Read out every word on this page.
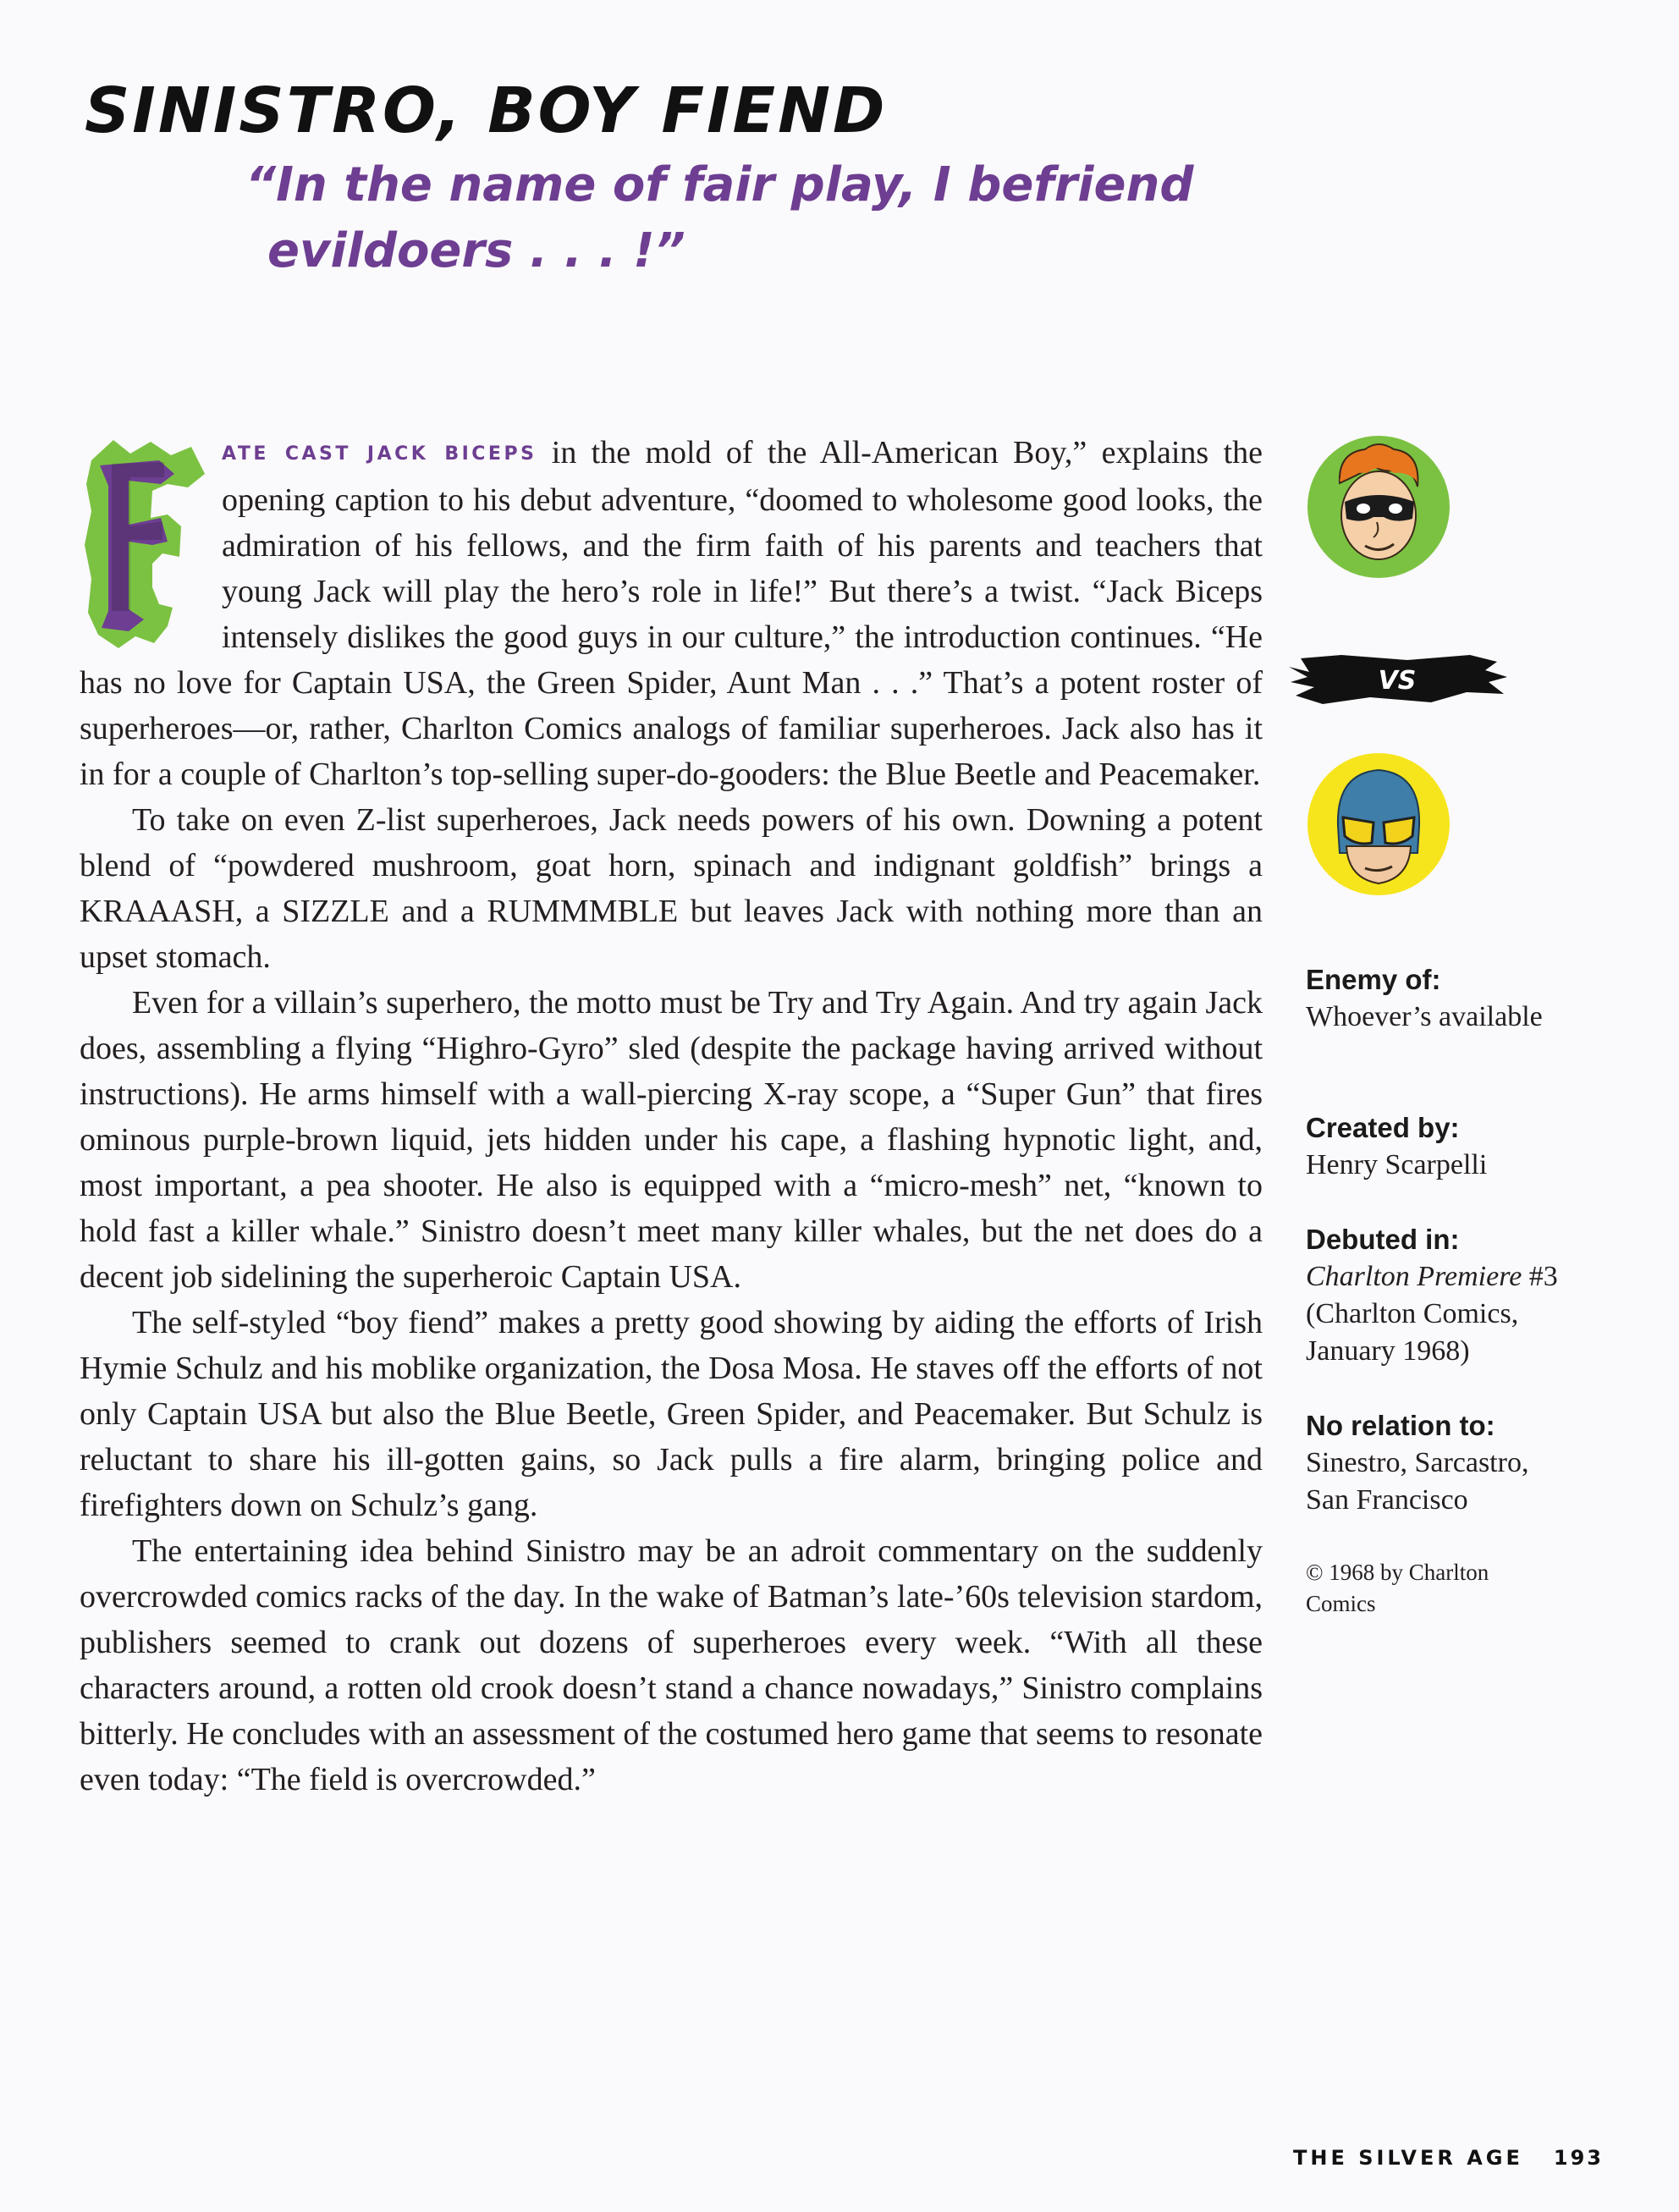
SINISTRO, BOY FIEND
“In the name of fair play, I befriend
evildoers . . . !”
F

ATE CAST JACK BICEPS in the mold of the All-American Boy,” explains the opening caption to his debut adventure, “doomed to wholesome good looks, the admiration of his fellows, and the firm faith of his parents and teachers that young Jack will play the hero’s role in life!” But there’s a twist. “Jack Biceps intensely dislikes the good guys in our culture,” the introduction continues. “He has no love for Captain USA, the Green Spider, Aunt Man . . .” That’s a potent roster of superheroes—or, rather, Charlton Comics analogs of familiar superheroes. Jack also has it in for a couple of Charlton’s top-selling super-do-gooders: the Blue Beetle and Peacemaker.

To take on even Z-list superheroes, Jack needs powers of his own. Downing a potent blend of “powdered mushroom, goat horn, spinach and indignant goldfish” brings a KRAAASH, a SIZZLE and a RUMMMBLE but leaves Jack with nothing more than an upset stomach.

Even for a villain’s superhero, the motto must be Try and Try Again. And try again Jack does, assembling a flying “Highro-Gyro” sled (despite the package having arrived without instructions). He arms himself with a wall-piercing X-ray scope, a “Super Gun” that fires ominous purple-brown liquid, jets hidden under his cape, a flashing hypnotic light, and, most important, a pea shooter. He also is equipped with a “micro-mesh” net, “known to hold fast a killer whale.” Sinistro doesn’t meet many killer whales, but the net does do a decent job sidelining the superheroic Captain USA.

The self-styled “boy fiend” makes a pretty good showing by aiding the efforts of Irish Hymie Schulz and his moblike organization, the Dosa Mosa. He staves off the efforts of not only Captain USA but also the Blue Beetle, Green Spider, and Peacemaker. But Schulz is reluctant to share his ill-gotten gains, so Jack pulls a fire alarm, bringing police and firefighters down on Schulz’s gang.

The entertaining idea behind Sinistro may be an adroit commentary on the suddenly overcrowded comics racks of the day. In the wake of Batman’s late-’60s television stardom, publishers seemed to crank out dozens of superheroes every week. “With all these characters around, a rotten old crook doesn’t stand a chance nowadays,” Sinistro complains bitterly. He concludes with an assessment of the costumed hero game that seems to resonate even today: “The field is overcrowded.”

VS
Enemy of:
Whoever’s available
Created by:
Henry Scarpelli
Debuted in:
Charlton Premiere #3
(Charlton Comics,
January 1968)
No relation to:
Sinestro, Sarcastro, San Francisco
© 1968 by Charlton Comics
THE SILVER AGE 193
